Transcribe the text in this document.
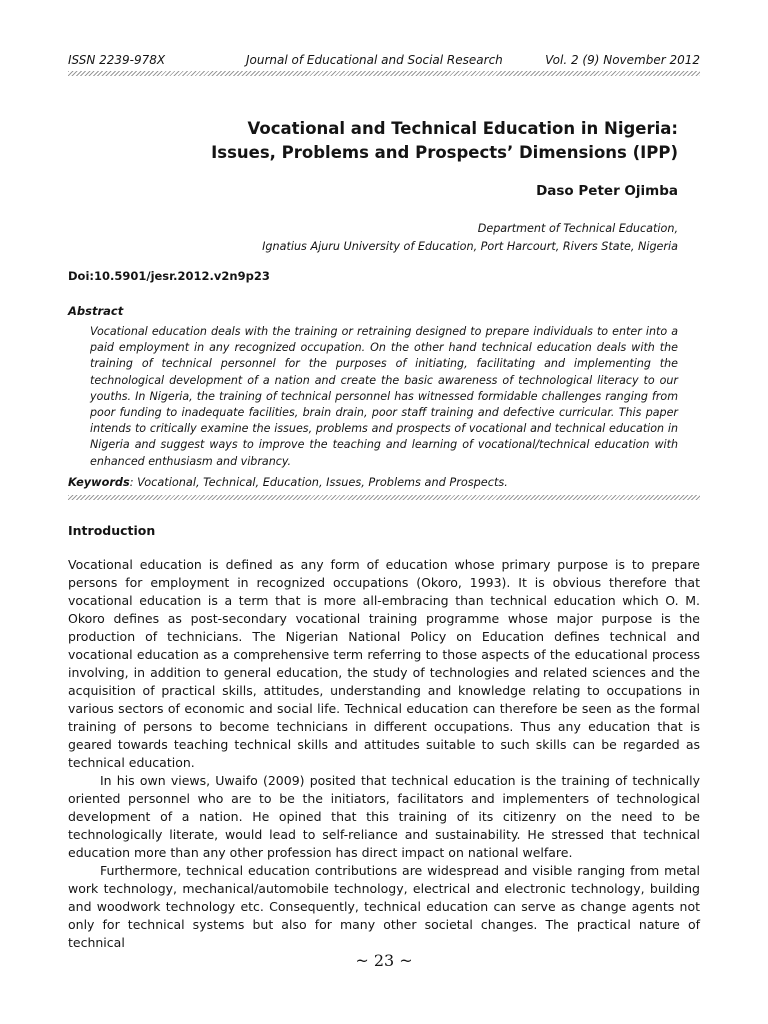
ISSN 2239-978X	Journal of Educational and Social Research	Vol. 2 (9) November 2012
Vocational and Technical Education in Nigeria:
Issues, Problems and Prospects’ Dimensions (IPP)
Daso Peter Ojimba
Department of Technical Education,
Ignatius Ajuru University of Education, Port Harcourt, Rivers State, Nigeria
Doi:10.5901/jesr.2012.v2n9p23
Abstract
Vocational education deals with the training or retraining designed to prepare individuals to enter into a paid employment in any recognized occupation. On the other hand technical education deals with the training of technical personnel for the purposes of initiating, facilitating and implementing the technological development of a nation and create the basic awareness of technological literacy to our youths. In Nigeria, the training of technical personnel has witnessed formidable challenges ranging from poor funding to inadequate facilities, brain drain, poor staff training and defective curricular. This paper intends to critically examine the issues, problems and prospects of vocational and technical education in Nigeria and suggest ways to improve the teaching and learning of vocational/technical education with enhanced enthusiasm and vibrancy.
Keywords: Vocational, Technical, Education, Issues, Problems and Prospects.
Introduction

Vocational education is defined as any form of education whose primary purpose is to prepare persons for employment in recognized occupations (Okoro, 1993). It is obvious therefore that vocational education is a term that is more all-embracing than technical education which O. M. Okoro defines as post-secondary vocational training programme whose major purpose is the production of technicians. The Nigerian National Policy on Education defines technical and vocational education as a comprehensive term referring to those aspects of the educational process involving, in addition to general education, the study of technologies and related sciences and the acquisition of practical skills, attitudes, understanding and knowledge relating to occupations in various sectors of economic and social life. Technical education can therefore be seen as the formal training of persons to become technicians in different occupations. Thus any education that is geared towards teaching technical skills and attitudes suitable to such skills can be regarded as technical education.

In his own views, Uwaifo (2009) posited that technical education is the training of technically oriented personnel who are to be the initiators, facilitators and implementers of technological development of a nation. He opined that this training of its citizenry on the need to be technologically literate, would lead to self-reliance and sustainability. He stressed that technical education more than any other profession has direct impact on national welfare.

Furthermore, technical education contributions are widespread and visible ranging from metal work technology, mechanical/automobile technology, electrical and electronic technology, building and woodwork technology etc. Consequently, technical education can serve as change agents not only for technical systems but also for many other societal changes. The practical nature of technical

~ 23 ~
